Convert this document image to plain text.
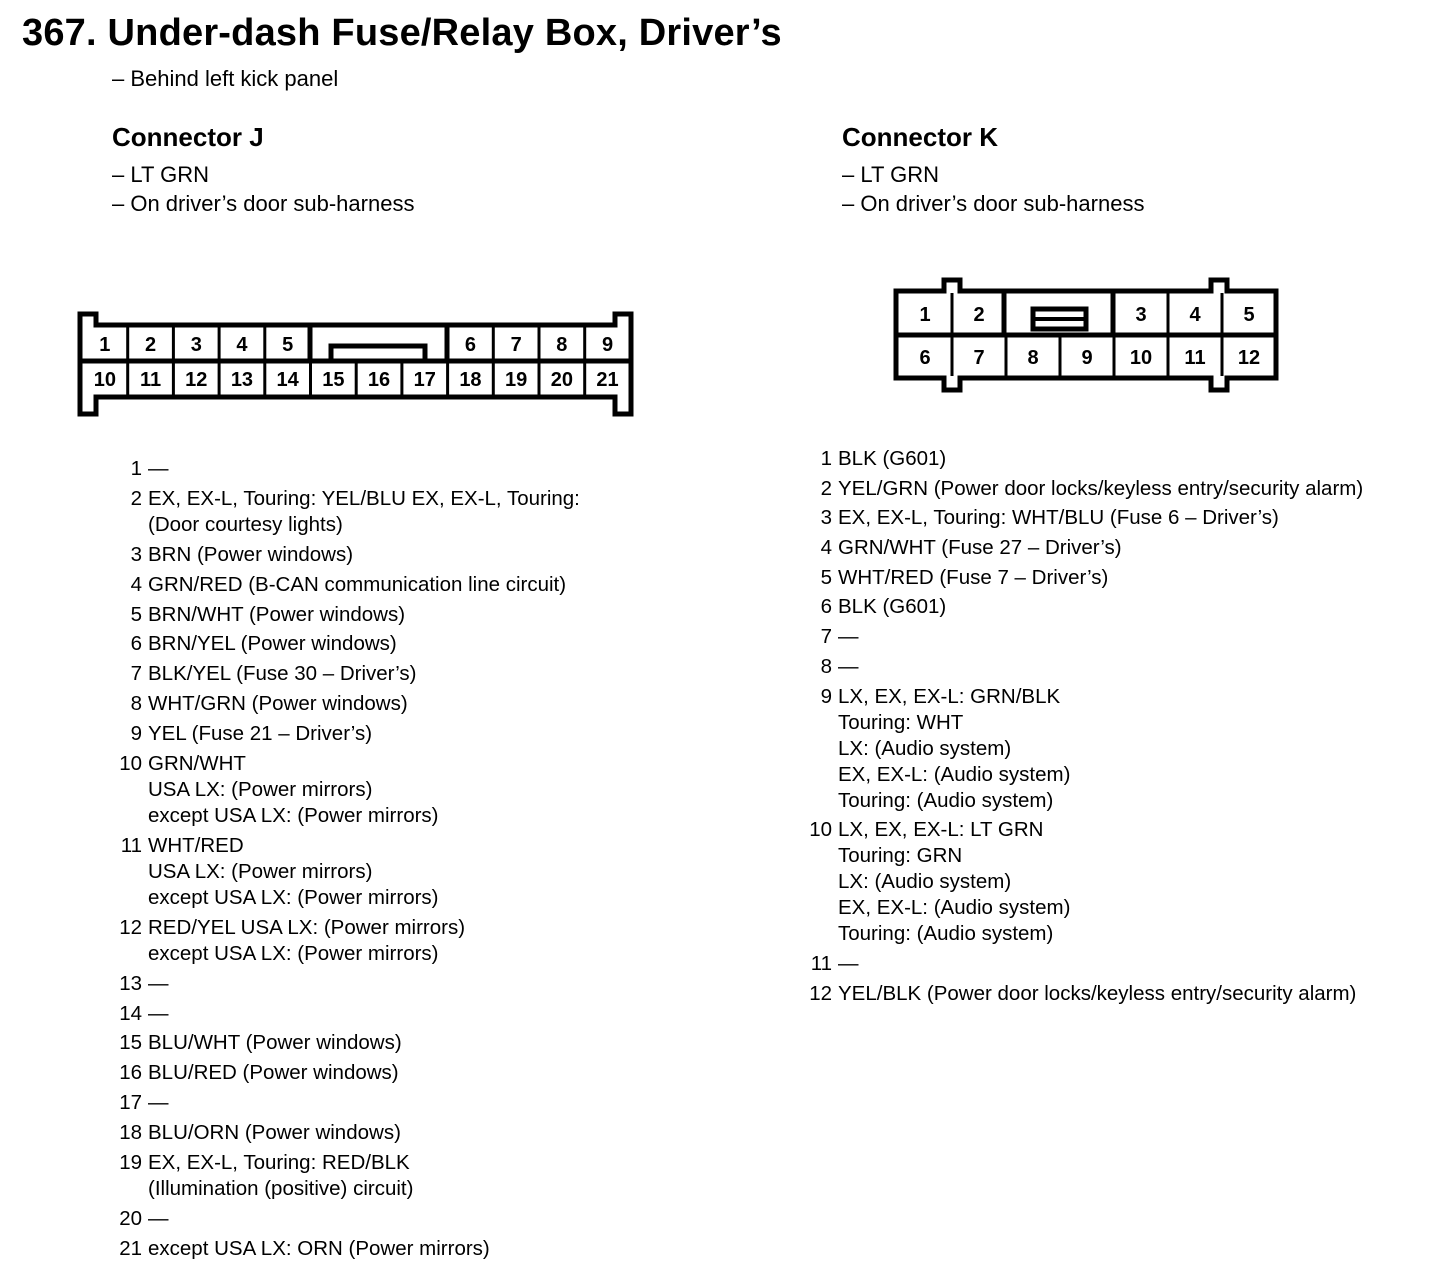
367. Under-dash Fuse/Relay Box, Driver’s
– Behind left kick panel
Connector J
– LT GRN
– On driver’s door sub-harness
Connector K
– LT GRN
– On driver’s door sub-harness
1 2 3 4 5	6 7 8 9
10 11 12 13 14 15 16 17 18 19 20 21
1 2	3 4 5
6 7 8 9 10 11 12
1 —
2 EX, EX-L, Touring: YEL/BLU EX, EX-L, Touring:
(Door courtesy lights)
3 BRN (Power windows)
4 GRN/RED (B-CAN communication line circuit)
5 BRN/WHT (Power windows)
6 BRN/YEL (Power windows)
7 BLK/YEL (Fuse 30 – Driver’s)
8 WHT/GRN (Power windows)
9 YEL (Fuse 21 – Driver’s)
10 GRN/WHT
USA LX: (Power mirrors)
except USA LX: (Power mirrors)
11 WHT/RED
USA LX: (Power mirrors)
except USA LX: (Power mirrors)
12 RED/YEL USA LX: (Power mirrors)
except USA LX: (Power mirrors)
13 —
14 —
15 BLU/WHT (Power windows)
16 BLU/RED (Power windows)
17 —
18 BLU/ORN (Power windows)
19 EX, EX-L, Touring: RED/BLK
(Illumination (positive) circuit)
20 —
21 except USA LX: ORN (Power mirrors)
1 BLK (G601)
2 YEL/GRN (Power door locks/keyless entry/security alarm)
3 EX, EX-L, Touring: WHT/BLU (Fuse 6 – Driver’s)
4 GRN/WHT (Fuse 27 – Driver’s)
5 WHT/RED (Fuse 7 – Driver’s)
6 BLK (G601)
7 —
8 —
9 LX, EX, EX-L: GRN/BLK
Touring: WHT
LX: (Audio system)
EX, EX-L: (Audio system)
Touring: (Audio system)
10 LX, EX, EX-L: LT GRN
Touring: GRN
LX: (Audio system)
EX, EX-L: (Audio system)
Touring: (Audio system)
11 —
12 YEL/BLK (Power door locks/keyless entry/security alarm)
